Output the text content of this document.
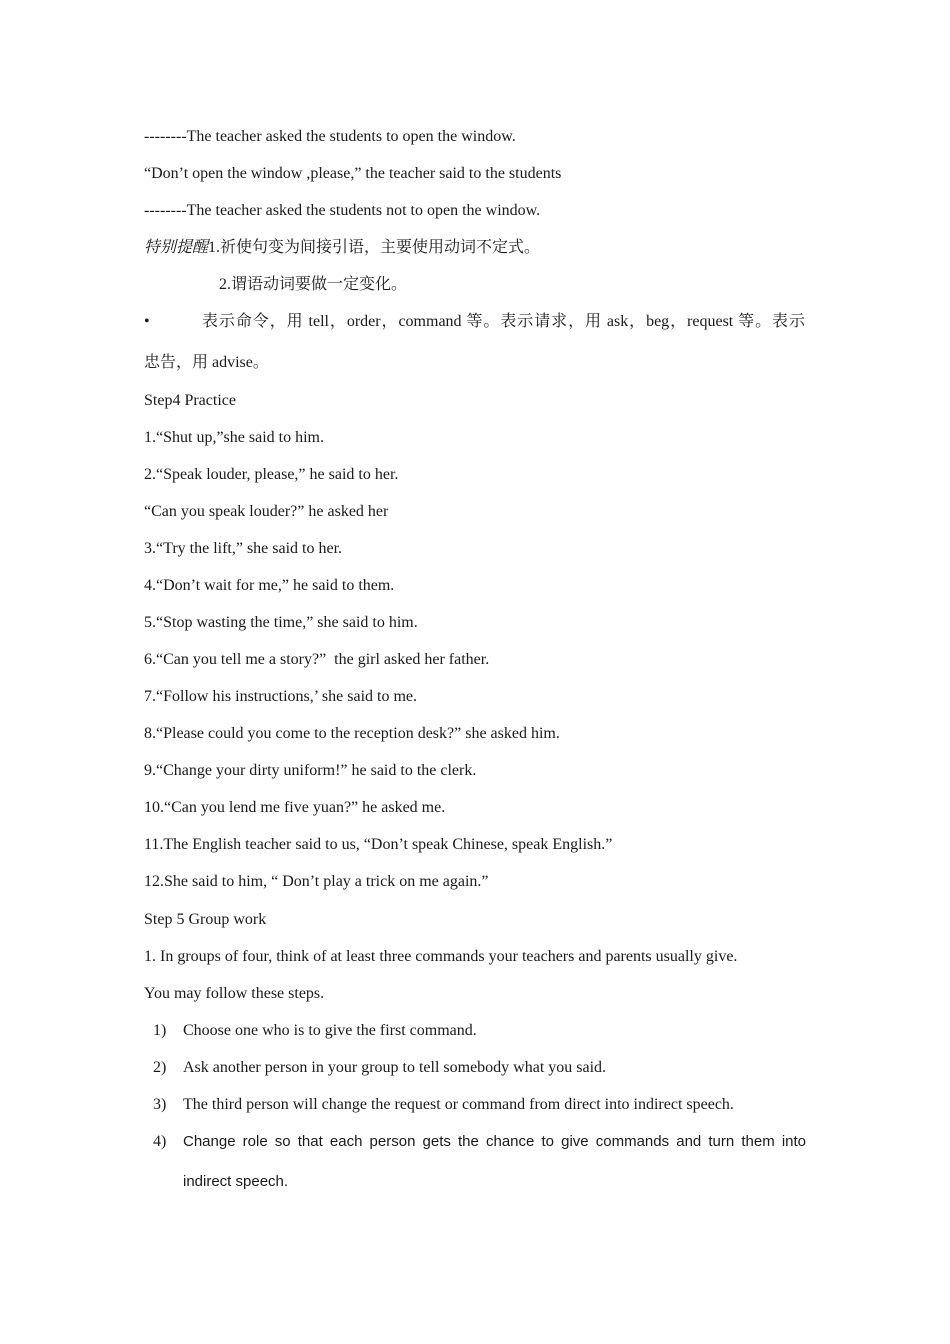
--------The teacher asked the students to open the window.
“Don’t open the window ,please,” the teacher said to the students
--------The teacher asked the students not to open the window.
特别提醒1.祈使句变为间接引语，主要使用动词不定式。
2.谓语动词要做一定变化。
•	表示命令，用 tell，order，command 等。表示请求，用 ask，beg，request 等。表示
忠告，用 advise。
Step4 Practice
1.“Shut up,”she said to him.
2.“Speak louder, please,” he said to her.
“Can you speak louder?” he asked her
3.“Try the lift,” she said to her.
4.“Don’t wait for me,” he said to them.
5.“Stop wasting the time,” she said to him.
6.“Can you tell me a story?”  the girl asked her father.
7.“Follow his instructions,’ she said to me.
8.“Please could you come to the reception desk?” she asked him.
9.“Change your dirty uniform!” he said to the clerk.
10.“Can you lend me five yuan?” he asked me.
11.The English teacher said to us, “Don’t speak Chinese, speak English.”
12.She said to him, “ Don’t play a trick on me again.”
Step 5 Group work
1. In groups of four, think of at least three commands your teachers and parents usually give.
You may follow these steps.
1) Choose one who is to give the first command.
2) Ask another person in your group to tell somebody what you said.
3) The third person will change the request or command from direct into indirect speech.
4) Change role so that each person gets the chance to give commands and turn them into
indirect speech.
